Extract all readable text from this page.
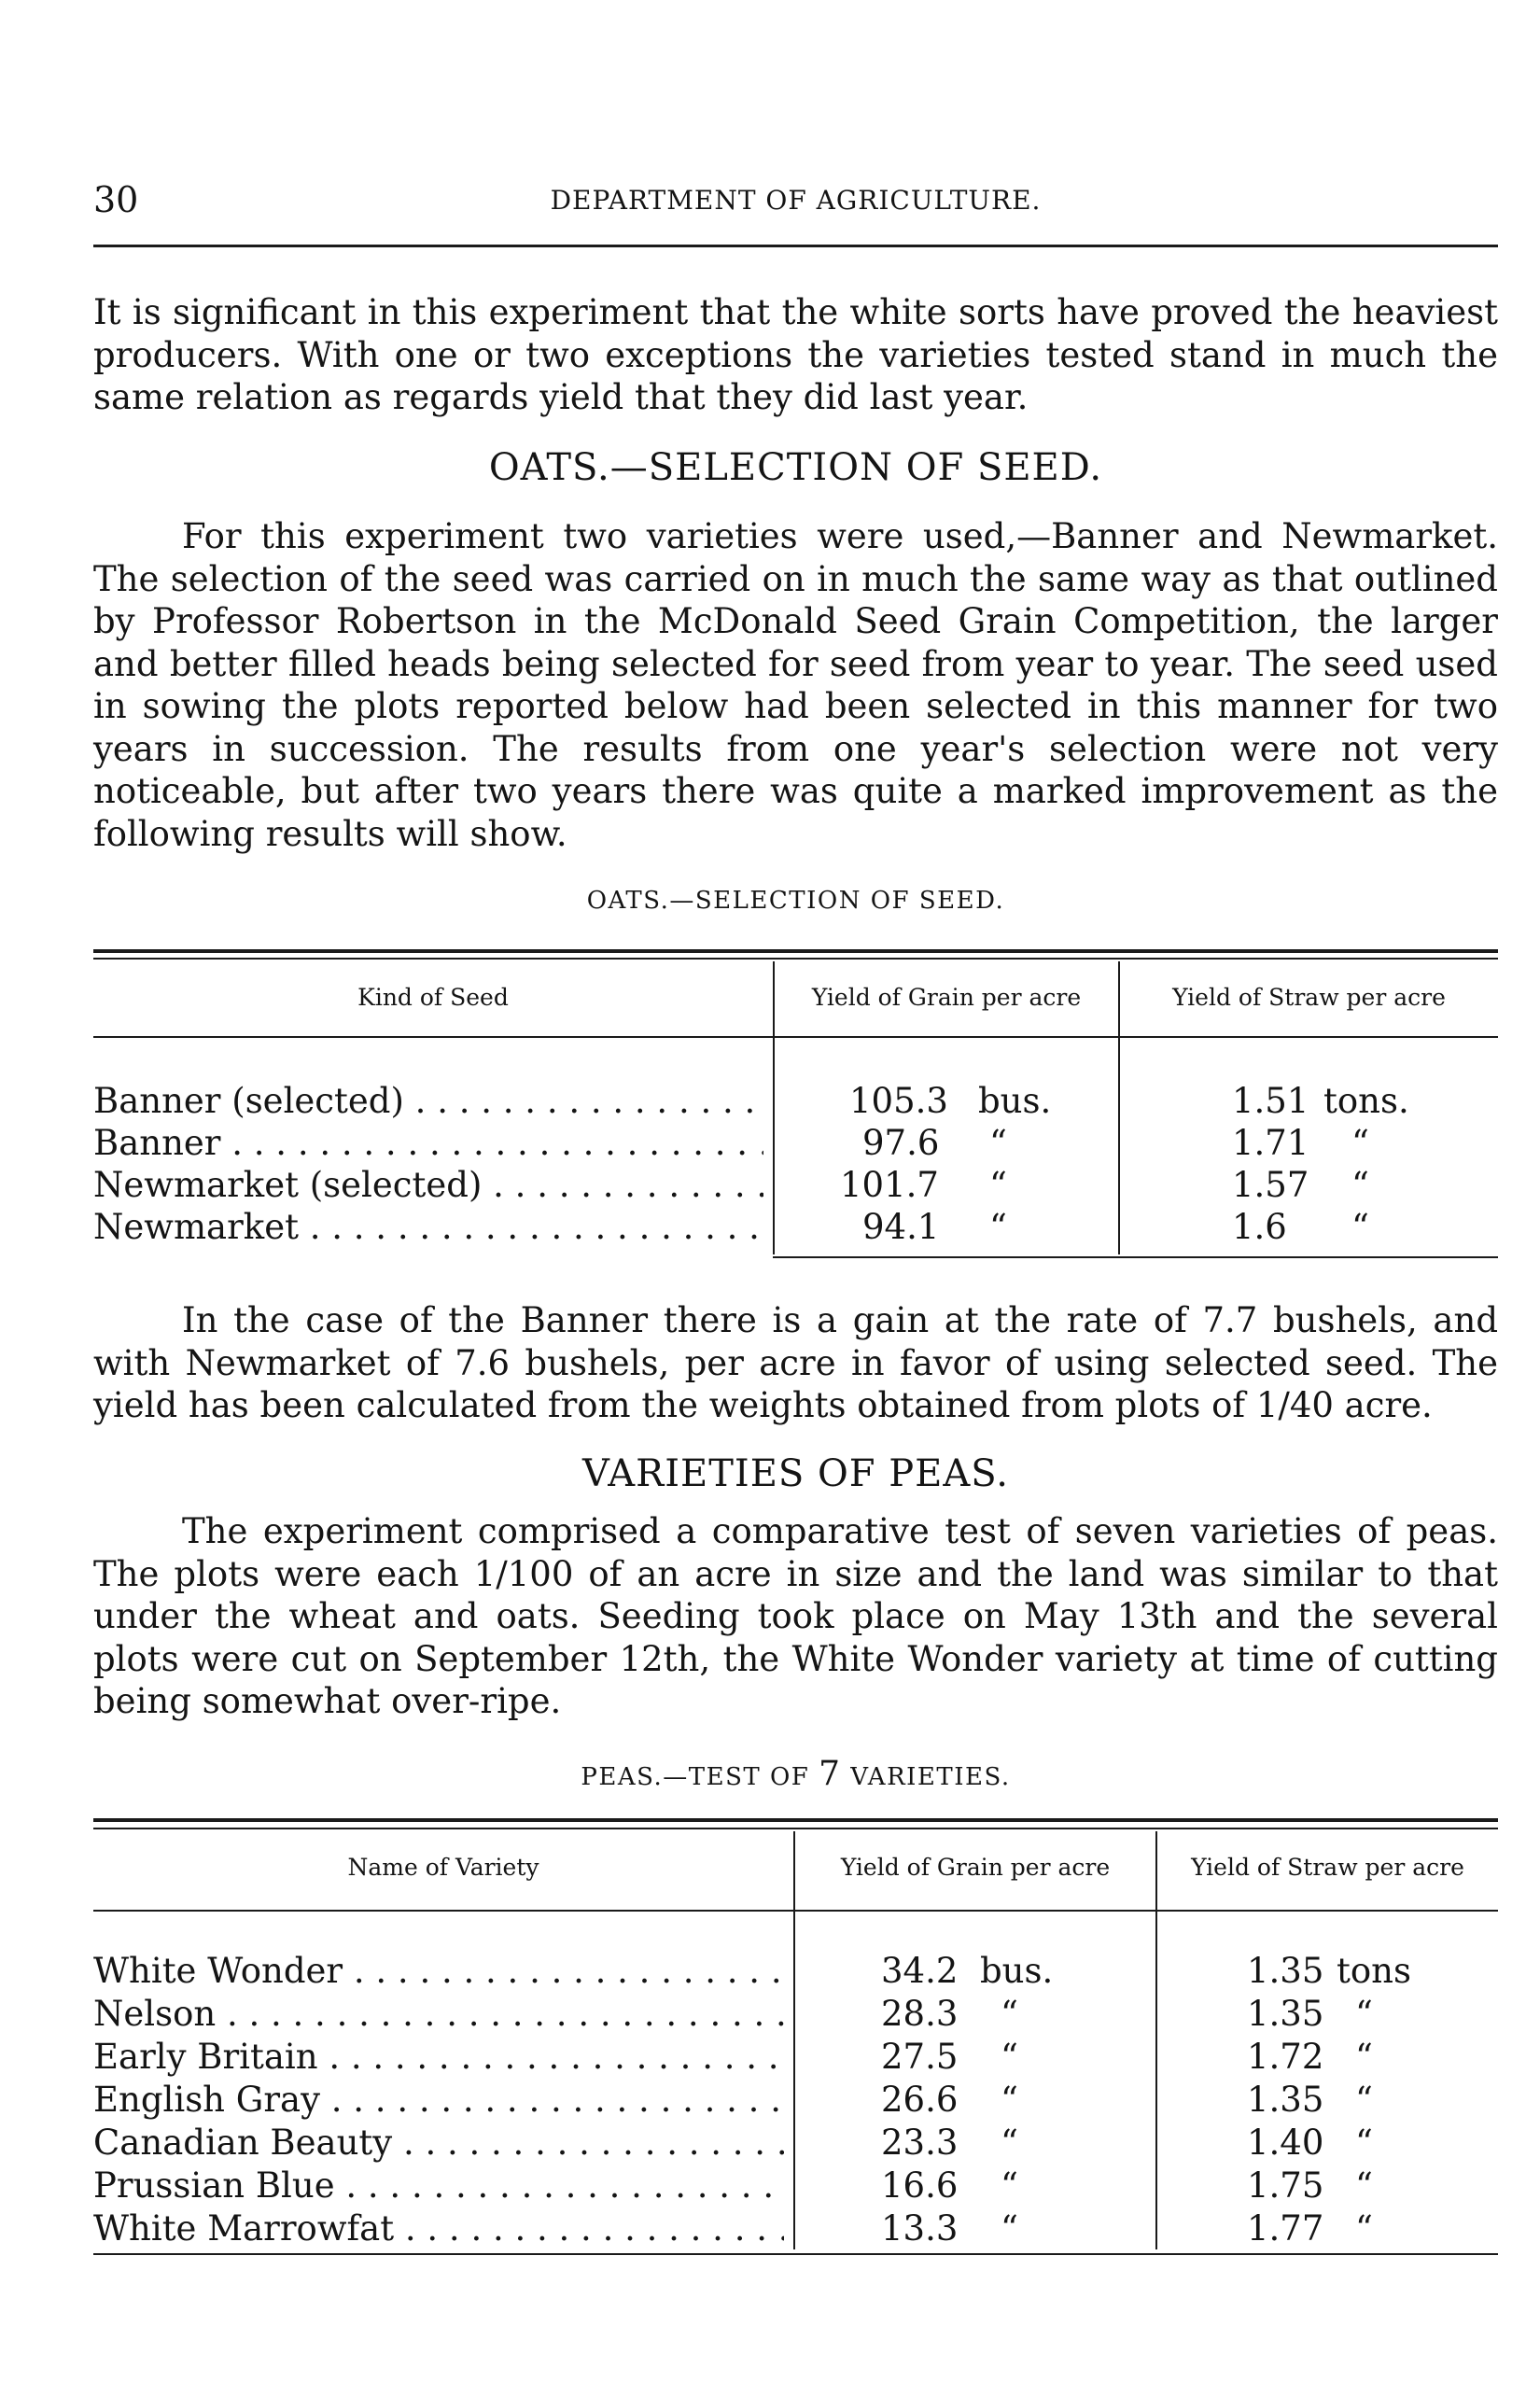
30	DEPARTMENT OF AGRICULTURE.

It is significant in this experiment that the white sorts have proved the heaviest producers. With one or two exceptions the varieties tested stand in much the same relation as regards yield that they did last year.

OATS.—SELECTION OF SEED.

For this experiment two varieties were used,—Banner and Newmarket. The selection of the seed was carried on in much the same way as that outlined by Professor Robertson in the McDonald Seed Grain Competition, the larger and better filled heads being selected for seed from year to year. The seed used in sowing the plots reported below had been selected in this manner for two years in succession. The results from one year's selection were not very noticeable, but after two years there was quite a marked improvement as the following results will show.

OATS.—SELECTION OF SEED.
Kind of Seed	Yield of Grain per acre	Yield of Straw per acre
Banner (selected) . . .	105.3 bus.	1.51 tons.
Banner . . .	97.6 “	1.71 “
Newmarket (selected) . . .	101.7 “	1.57 “
Newmarket . . .	94.1 “	1.6 “

In the case of the Banner there is a gain at the rate of 7.7 bushels, and with Newmarket of 7.6 bushels, per acre in favor of using selected seed. The yield has been calculated from the weights obtained from plots of 1/40 acre.

VARIETIES OF PEAS.

The experiment comprised a comparative test of seven varieties of peas. The plots were each 1/100 of an acre in size and the land was similar to that under the wheat and oats. Seeding took place on May 13th and the several plots were cut on September 12th, the White Wonder variety at time of cutting being somewhat over-ripe.

PEAS.—TEST OF 7 VARIETIES.
Name of Variety	Yield of Grain per acre	Yield of Straw per acre
White Wonder . . .	34.2 bus.	1.35 tons
Nelson . . .	28.3 “	1.35 “
Early Britain . . .	27.5 “	1.72 “
English Gray . . .	26.6 “	1.35 “
Canadian Beauty . . .	23.3 “	1.40 “
Prussian Blue . . .	16.6 “	1.75 “
White Marrowfat . . .	13.3 “	1.77 “
